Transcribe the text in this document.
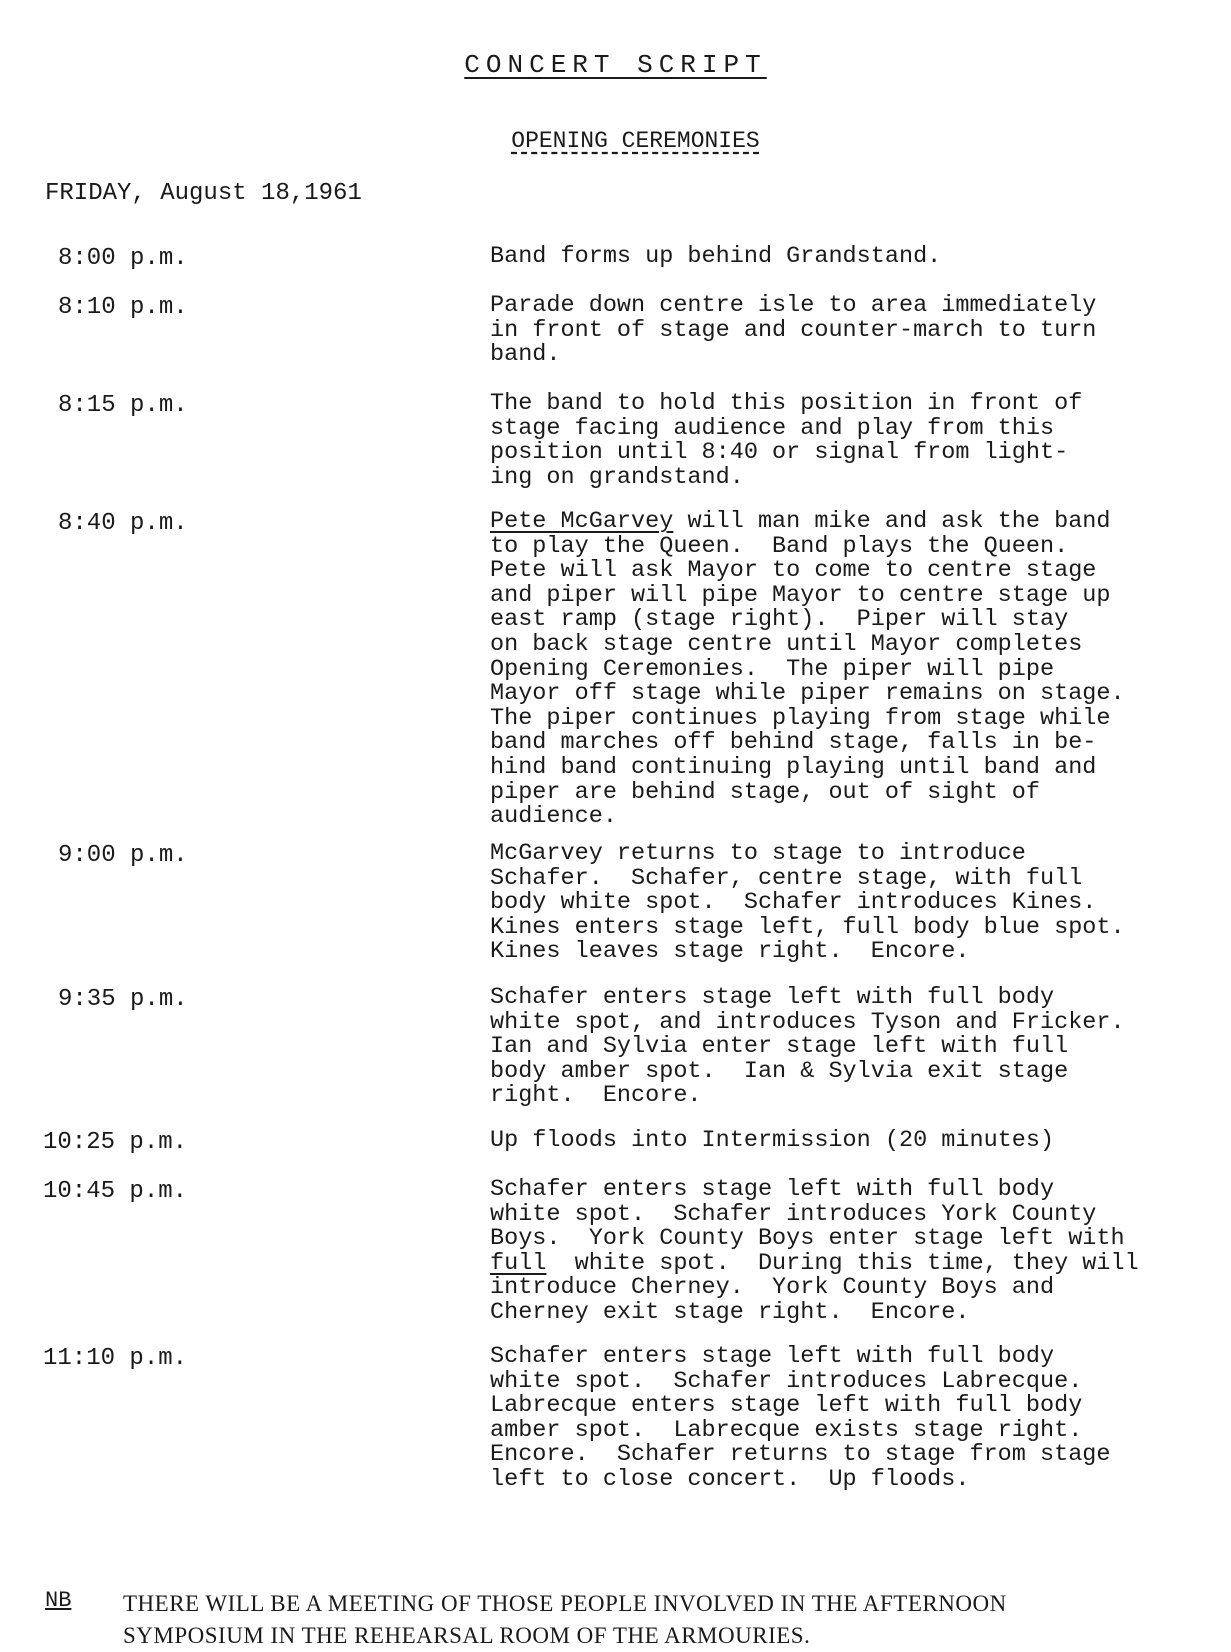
CONCERT SCRIPT
OPENING CEREMONIES
FRIDAY, August 18,1961
8:00 p.m.	Band forms up behind Grandstand.
8:10 p.m.	Parade down centre isle to area immediately
in front of stage and counter-march to turn
band.
8:15 p.m.	The band to hold this position in front of
stage facing audience and play from this
position until 8:40 or signal from light-
ing on grandstand.
8:40 p.m.	Pete McGarvey will man mike and ask the band
to play the Queen.  Band plays the Queen.
Pete will ask Mayor to come to centre stage
and piper will pipe Mayor to centre stage up
east ramp (stage right).  Piper will stay
on back stage centre until Mayor completes
Opening Ceremonies.  The piper will pipe
Mayor off stage while piper remains on stage.
The piper continues playing from stage while
band marches off behind stage, falls in be-
hind band continuing playing until band and
piper are behind stage, out of sight of
audience.
9:00 p.m.	McGarvey returns to stage to introduce
Schafer.  Schafer, centre stage, with full
body white spot.  Schafer introduces Kines.
Kines enters stage left, full body blue spot.
Kines leaves stage right.  Encore.
9:35 p.m.	Schafer enters stage left with full body
white spot, and introduces Tyson and Fricker.
Ian and Sylvia enter stage left with full
body amber spot.  Ian & Sylvia exit stage
right.  Encore.
10:25 p.m.	Up floods into Intermission (20 minutes)
10:45 p.m.	Schafer enters stage left with full body
white spot.  Schafer introduces York County
Boys.  York County Boys enter stage left with
full  white spot.  During this time, they will
introduce Cherney.  York County Boys and
Cherney exit stage right.  Encore.
11:10 p.m.	Schafer enters stage left with full body
white spot.  Schafer introduces Labrecque.
Labrecque enters stage left with full body
amber spot.  Labrecque exists stage right.
Encore.  Schafer returns to stage from stage
left to close concert.  Up floods.
NB THERE WILL BE A MEETING OF THOSE PEOPLE INVOLVED IN THE AFTERNOON
SYMPOSIUM IN THE REHEARSAL ROOM OF THE ARMOURIES.
